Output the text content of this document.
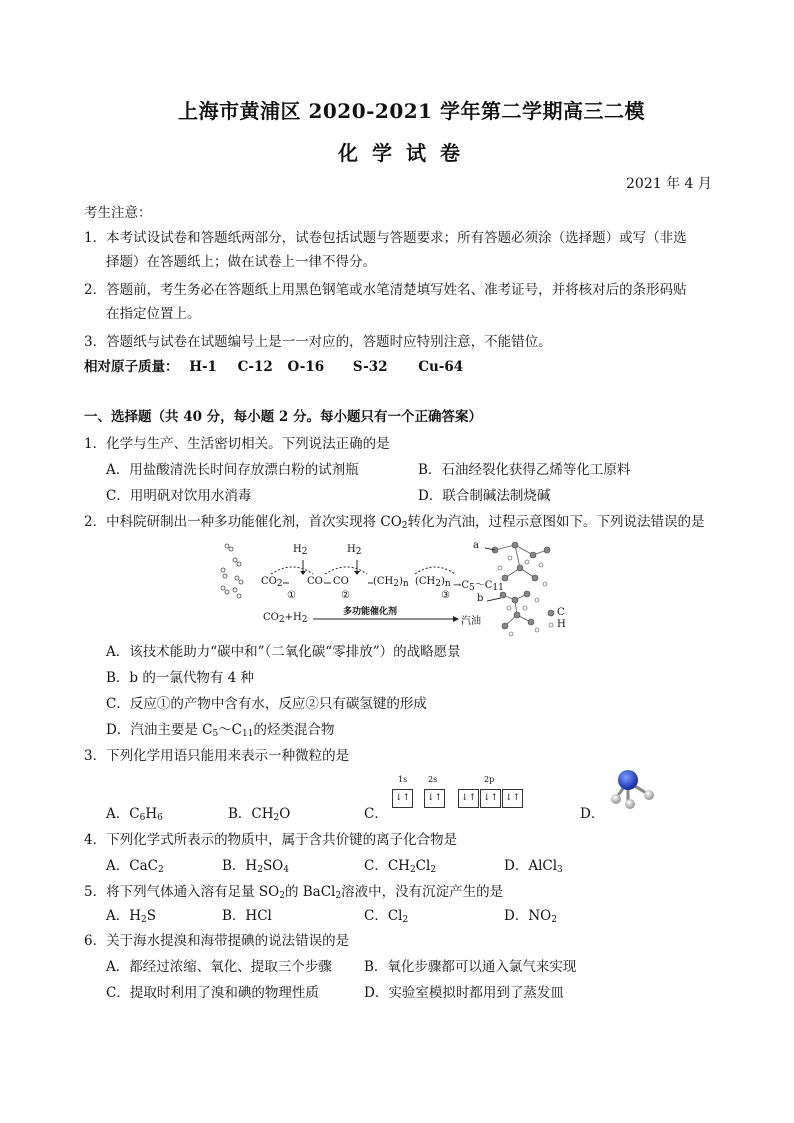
上海市黄浦区 2020-2021 学年第二学期高三二模
化学试卷
2021 年 4 月
考生注意：
1．本考试设试卷和答题纸两部分，试卷包括试题与答题要求；所有答题必须涂（选择题）或写（非选
择题）在答题纸上；做在试卷上一律不得分。
2．答题前，考生务必在答题纸上用黑色钢笔或水笔清楚填写姓名、准考证号，并将核对后的条形码贴
在指定位置上。
3．答题纸与试卷在试题编号上是一一对应的，答题时应特别注意，不能错位。
相对原子质量： H-1 C-12 O-16 S-32 Cu-64
一、选择题（共 40 分，每小题 2 分。每小题只有一个正确答案）
1．化学与生产、生活密切相关。下列说法正确的是
A．用盐酸清洗长时间存放漂白粉的试剂瓶	B．石油经裂化获得乙烯等化工原料
C．用明矾对饮用水消毒	D．联合制碱法制烧碱
2．中科院研制出一种多功能催化剂，首次实现将 $CO_2$转化为汽油，过程示意图如下。下列说法错误的是
$H_2$	$H_2$
$CO_2$ CO CO $(CH_2)_n$ $(CH_2)_n$ $\to C_5\sim C_{11}$
①	②	③
a
b
$CO_2+H_2$
多功能催化剂
汽油
C
H
A．该技术能助力“碳中和”（二氧化碳“零排放”）的战略愿景
B．b 的一氯代物有 4 种
C．反应①的产物中含有水，反应②只有碳氢键的形成
D．汽油主要是 $C_5\sim C_{11}$的烃类混合物
3．下列化学用语只能用来表示一种微粒的是
A．$C_6H_6$	B．$CH_2O$	C．
1s	2s	2p
↓↑	↓↑	↓↑ ↓↑ ↓↑
D．
4．下列化学式所表示的物质中，属于含共价键的离子化合物是
A．CaC$_2$	B．$H_2SO_4$	C．$CH_2Cl_2$	D．AlCl$_3$
5．将下列气体通入溶有足量 $SO_2$的 BaCl$_2$溶液中，没有沉淀产生的是
A．$H_2S$	B．HCl	C．$Cl_2$	D．$NO_2$
6．关于海水提溴和海带提碘的说法错误的是
A．都经过浓缩、氧化、提取三个步骤 B．氧化步骤都可以通入氯气来实现
C．提取时利用了溴和碘的物理性质	D．实验室模拟时都用到了蒸发皿
